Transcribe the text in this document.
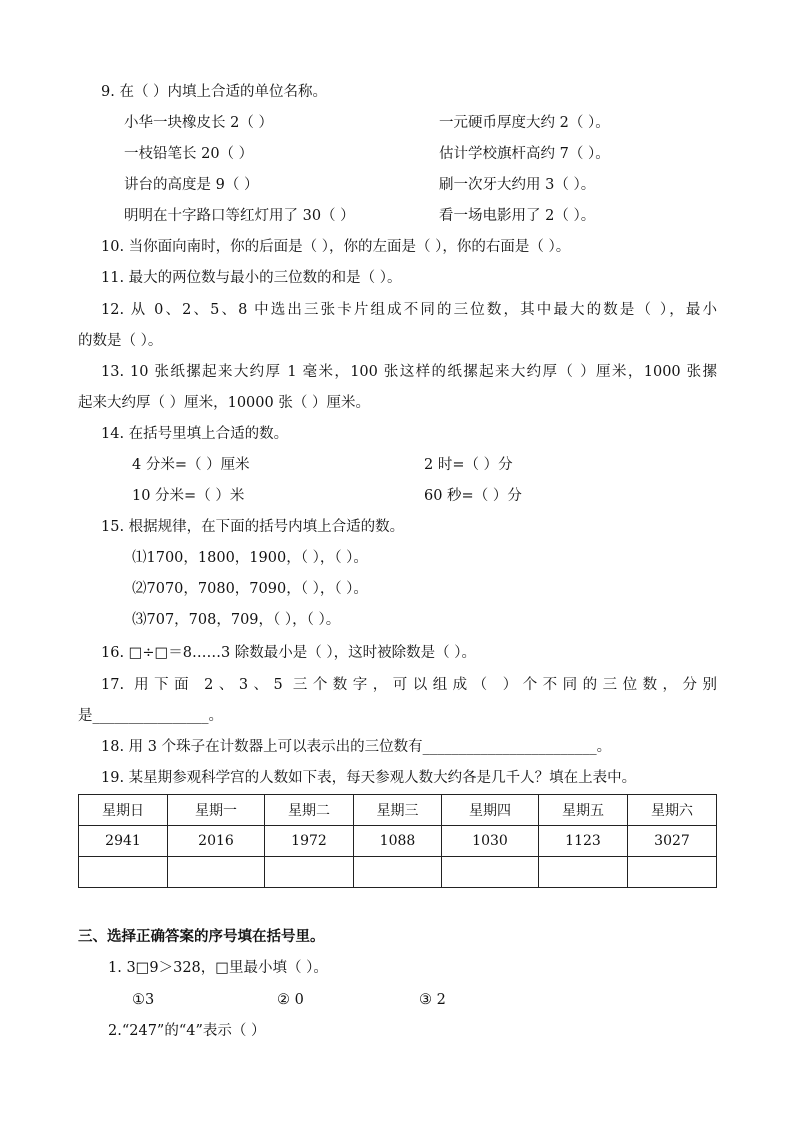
9. 在（ ）内填上合适的单位名称。
小华一块橡皮长 2（ ）	一元硬币厚度大约 2（ ）。
一枝铅笔长 20（ ）	估计学校旗杆高约 7（ ）。
讲台的高度是 9（ ）	刷一次牙大约用 3（ ）。
明明在十字路口等红灯用了 30（ ）	看一场电影用了 2（ ）。
10. 当你面向南时，你的后面是（ ），你的左面是（ ），你的右面是（ ）。
11. 最大的两位数与最小的三位数的和是（ ）。
12. 从 0、2、5、8 中选出三张卡片组成不同的三位数，其中最大的数是（ ），最小
的数是（ ）。
13. 10 张纸摞起来大约厚 1 毫米，100 张这样的纸摞起来大约厚（ ）厘米，1000 张摞
起来大约厚（ ）厘米，10000 张（ ）厘米。
14. 在括号里填上合适的数。
4 分米=（ ）厘米	2 时=（ ）分
10 分米=（ ）米	60 秒=（ ）分
15. 根据规律，在下面的括号内填上合适的数。
⑴1700，1800，1900，（ ），（ ）。
⑵7070，7080，7090，（ ），（ ）。
⑶707，708，709，（ ），（ ）。
16. □÷□＝8……3 除数最小是（ ），这时被除数是（ ）。
17. 用下面 2、3、5 三个数字，可以组成（ ）个不同的三位数，分别
是________________。
18. 用 3 个珠子在计数器上可以表示出的三位数有________________________。
19. 某星期参观科学宫的人数如下表，每天参观人数大约各是几千人？填在上表中。
星期日	星期一	星期二	星期三	星期四	星期五	星期六
2941	2016	1972	1088	1030	1123	3027

三、选择正确答案的序号填在括号里。
1. 3□9＞328，□里最小填（ ）。
①3	② 0	③ 2
2.“247”的“4”表示（ ）
